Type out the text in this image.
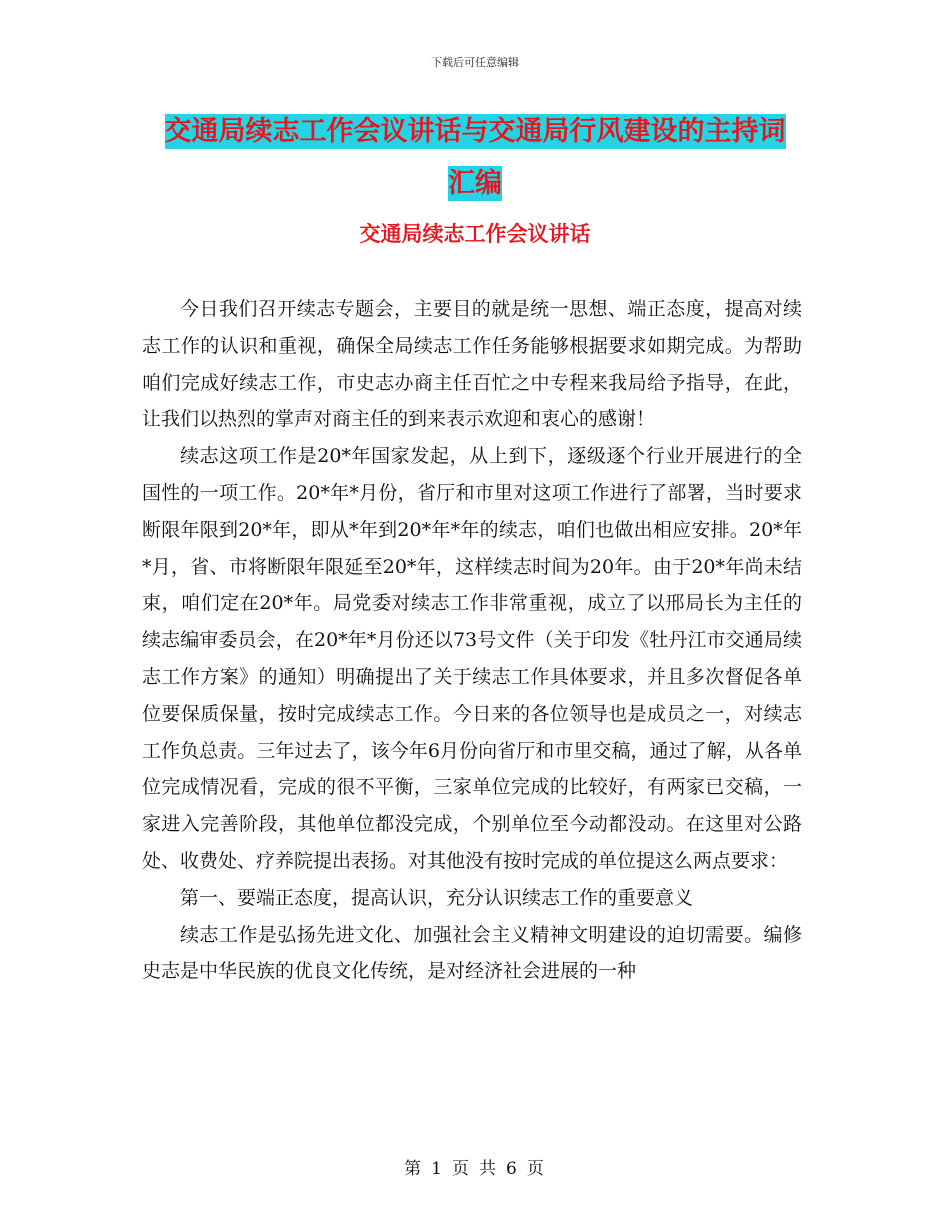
下载后可任意编辑
交通局续志工作会议讲话与交通局行风建设的主持词
汇编
交通局续志工作会议讲话

今日我们召开续志专题会，主要目的就是统一思想、端正态度，提高对续志工作的认识和重视，确保全局续志工作任务能够根据要求如期完成。为帮助咱们完成好续志工作，市史志办商主任百忙之中专程来我局给予指导，在此，让我们以热烈的掌声对商主任的到来表示欢迎和衷心的感谢！

续志这项工作是20*年国家发起，从上到下，逐级逐个行业开展进行的全国性的一项工作。20*年*月份，省厅和市里对这项工作进行了部署，当时要求断限年限到20*年，即从*年到20*年*年的续志，咱们也做出相应安排。20*年*月，省、市将断限年限延至20*年，这样续志时间为20年。由于20*年尚未结束，咱们定在20*年。局党委对续志工作非常重视，成立了以邢局长为主任的续志编审委员会，在20*年*月份还以73号文件（关于印发《牡丹江市交通局续志工作方案》的通知）明确提出了关于续志工作具体要求，并且多次督促各单位要保质保量，按时完成续志工作。今日来的各位领导也是成员之一，对续志工作负总责。三年过去了，该今年6月份向省厅和市里交稿，通过了解，从各单位完成情况看，完成的很不平衡，三家单位完成的比较好，有两家已交稿，一家进入完善阶段，其他单位都没完成，个别单位至今动都没动。在这里对公路处、收费处、疗养院提出表扬。对其他没有按时完成的单位提这么两点要求：

第一、要端正态度，提高认识，充分认识续志工作的重要意义

续志工作是弘扬先进文化、加强社会主义精神文明建设的迫切需要。编修史志是中华民族的优良文化传统，是对经济社会进展的一种

第 1 页 共 6 页
